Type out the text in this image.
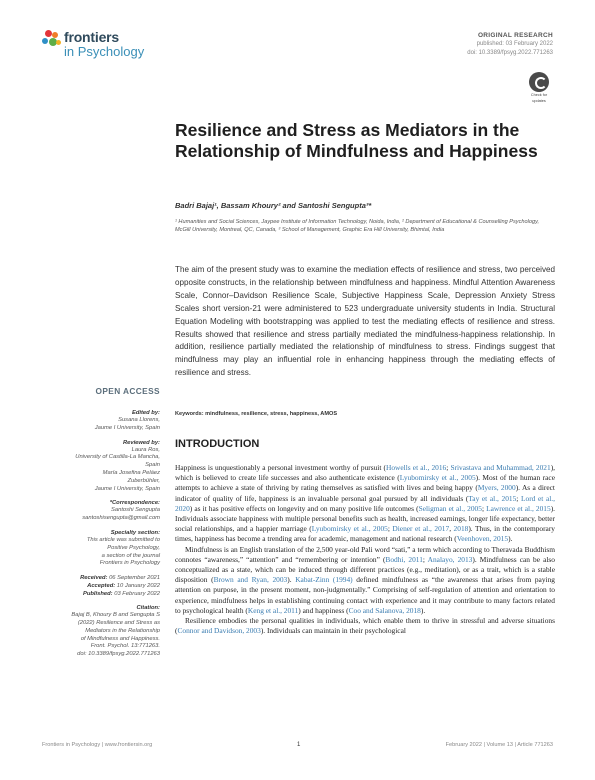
frontiers
in Psychology
ORIGINAL RESEARCH
published: 03 February 2022
doi: 10.3389/fpsyg.2022.771263
Check for
updates
Resilience and Stress as Mediators in the Relationship of Mindfulness and Happiness
Badri Bajaj¹, Bassam Khoury² and Santoshi Sengupta³*
¹ Humanities and Social Sciences, Jaypee Institute of Information Technology, Noida, India, ² Department of Educational & Counselling Psychology, McGill University, Montreal, QC, Canada, ³ School of Management, Graphic Era Hill University, Bhimtal, India
The aim of the present study was to examine the mediation effects of resilience and stress, two perceived opposite constructs, in the relationship between mindfulness and happiness. Mindful Attention Awareness Scale, Connor–Davidson Resilience Scale, Subjective Happiness Scale, Depression Anxiety Stress Scales short version-21 were administered to 523 undergraduate university students in India. Structural Equation Modeling with bootstrapping was applied to test the mediating effects of resilience and stress. Results showed that resilience and stress partially mediated the mindfulness-happiness relationship. In addition, resilience partially mediated the relationship of mindfulness to stress. Findings suggest that mindfulness may play an influential role in enhancing happiness through the mediating effects of resilience and stress.
Keywords: mindfulness, resilience, stress, happiness, AMOS
OPEN ACCESS
Edited by:
Susana Llorens,
Jaume I University, Spain
Reviewed by:
Laura Ros,
University of Castilla-La Mancha,
Spain
María Josefina Peláez
Zuberbühler,
Jaume I University, Spain
*Correspondence:
Santoshi Sengupta
santoshisengupta@gmail.com
Specialty section:
This article was submitted to
Positive Psychology,
a section of the journal
Frontiers in Psychology
Received: 06 September 2021
Accepted: 10 January 2022
Published: 03 February 2022
Citation:
Bajaj B, Khoury B and Sengupta S
(2022) Resilience and Stress as
Mediators in the Relationship
of Mindfulness and Happiness.
Front. Psychol. 13:771263.
doi: 10.3389/fpsyg.2022.771263
INTRODUCTION

Happiness is unquestionably a personal investment worthy of pursuit (Howells et al., 2016; Srivastava and Muhammad, 2021), which is believed to create life successes and also authenticate existence (Lyubomirsky et al., 2005). Most of the human race attempts to achieve a state of thriving by rating themselves as satisfied with lives and being happy (Myers, 2000). As a direct indicator of quality of life, happiness is an invaluable personal goal pursued by all individuals (Tay et al., 2015; Lord et al., 2020) as it has positive effects on longevity and on many positive life outcomes (Seligman et al., 2005; Lawrence et al., 2015). Individuals associate happiness with multiple personal benefits such as health, increased earnings, longer life expectancy, better social relationships, and a happier marriage (Lyubomirsky et al., 2005; Diener et al., 2017, 2018). Thus, in the contemporary times, happiness has become a trending area for academic, management and national research (Veenhoven, 2015).

Mindfulness is an English translation of the 2,500 year-old Pali word “sati,” a term which according to Theravada Buddhism connotes “awareness,” “attention” and “remembering or intention” (Bodhi, 2011; Analayo, 2013). Mindfulness can be also conceptualized as a state, which can be induced through different practices (e.g., meditation), or as a trait, which is a stable disposition (Brown and Ryan, 2003). Kabat-Zinn (1994) defined mindfulness as “the awareness that arises from paying attention on purpose, in the present moment, non-judgmentally.” Comprising of self-regulation of attention and orientation to experience, mindfulness helps in establishing continuing contact with experience and it may contribute to many factors related to psychological health (Keng et al., 2011) and happiness (Coo and Salanova, 2018).

Resilience embodies the personal qualities in individuals, which enable them to thrive in stressful and adverse situations (Connor and Davidson, 2003). Individuals can maintain in their psychological

Frontiers in Psychology | www.frontiersin.org	1	February 2022 | Volume 13 | Article 771263
